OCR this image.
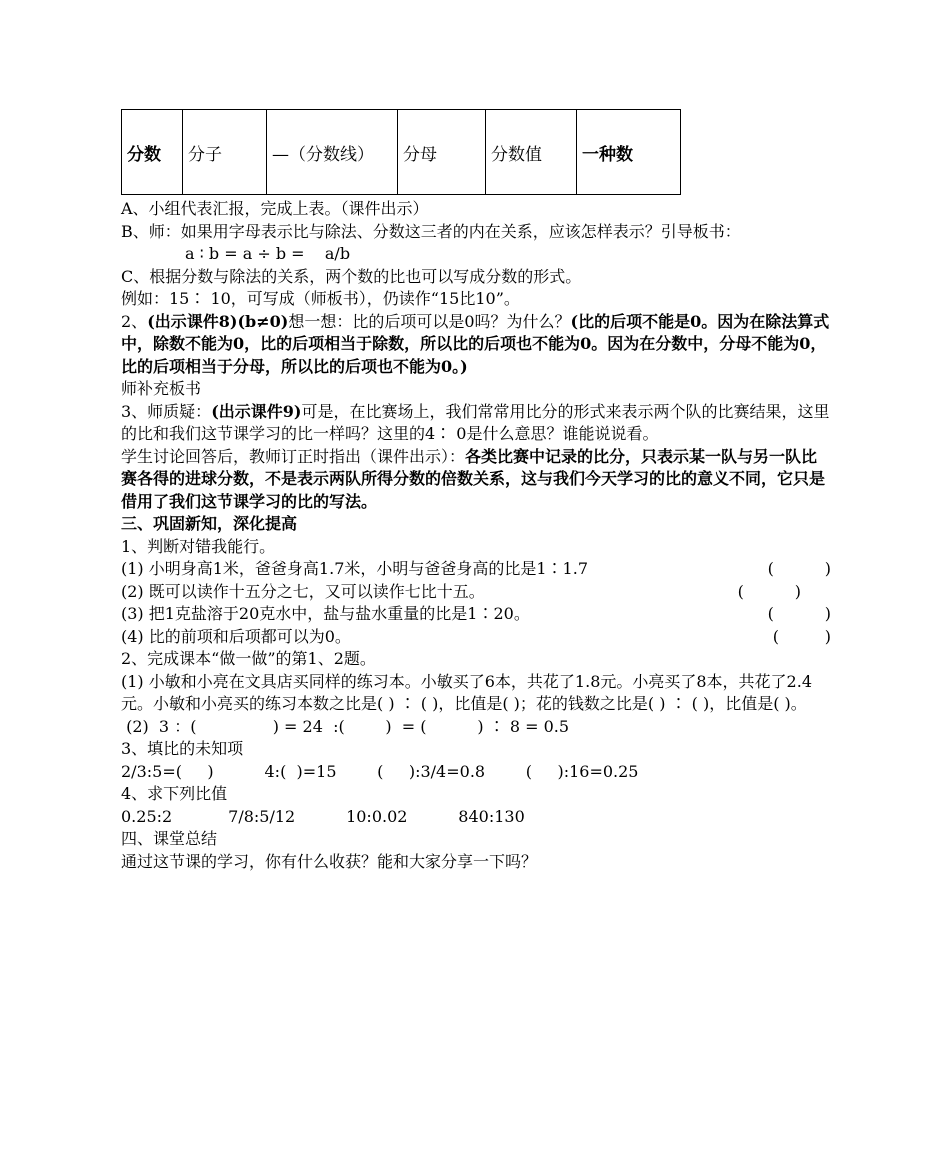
分数	分子	—（分数线）	分母	分数值	一种数
A、小组代表汇报，完成上表。（课件出示）
B、师：如果用字母表示比与除法、分数这三者的内在关系，应该怎样表示？引导板书：
a ∶ b = a ÷ b =    a/b
C、根据分数与除法的关系，两个数的比也可以写成分数的形式。
例如：15∶ 10，可写成（师板书），仍读作“15比10”。
2、(出示课件8)(b≠0)想一想：比的后项可以是0吗？为什么？(比的后项不能是0。因为在除法算式中，除数不能为0，比的后项相当于除数，所以比的后项也不能为0。因为在分数中，分母不能为0，比的后项相当于分母，所以比的后项也不能为0。)
师补充板书
3、师质疑：(出示课件9)可是，在比赛场上，我们常常用比分的形式来表示两个队的比赛结果，这里的比和我们这节课学习的比一样吗？这里的4∶ 0是什么意思？谁能说说看。
学生讨论回答后，教师订正时指出（课件出示）：各类比赛中记录的比分，只表示某一队与另一队比赛各得的进球分数，不是表示两队所得分数的倍数关系，这与我们今天学习的比的意义不同，它只是借用了我们这节课学习的比的写法。
三、巩固新知，深化提高
1、判断对错我能行。
(1) 小明身高1米，爸爸身高1.7米，小明与爸爸身高的比是1∶1.7	(          )
(2) 既可以读作十五分之七，又可以读作七比十五。	(          )
(3) 把1克盐溶于20克水中，盐与盐水重量的比是1∶20。	(          )
(4) 比的前项和后项都可以为0。	(         )
2、完成课本“做一做”的第1、2题。
(1) 小敏和小亮在文具店买同样的练习本。小敏买了6本，共花了1.8元。小亮买了8本，共花了2.4元。小敏和小亮买的练习本数之比是( ) ∶ ( )，比值是( )；花的钱数之比是( ) ∶ ( )，比值是( )。
(2)  3 ：(               ) = 24  :(        )  = (          ) ∶ 8 = 0.5
3、填比的未知项
2/3:5=(     )          4:(  )=15        (     ):3/4=0.8        (     ):16=0.25
4、求下列比值
0.25:2           7/8:5/12          10:0.02          840:130
四、课堂总结
通过这节课的学习，你有什么收获？能和大家分享一下吗？
